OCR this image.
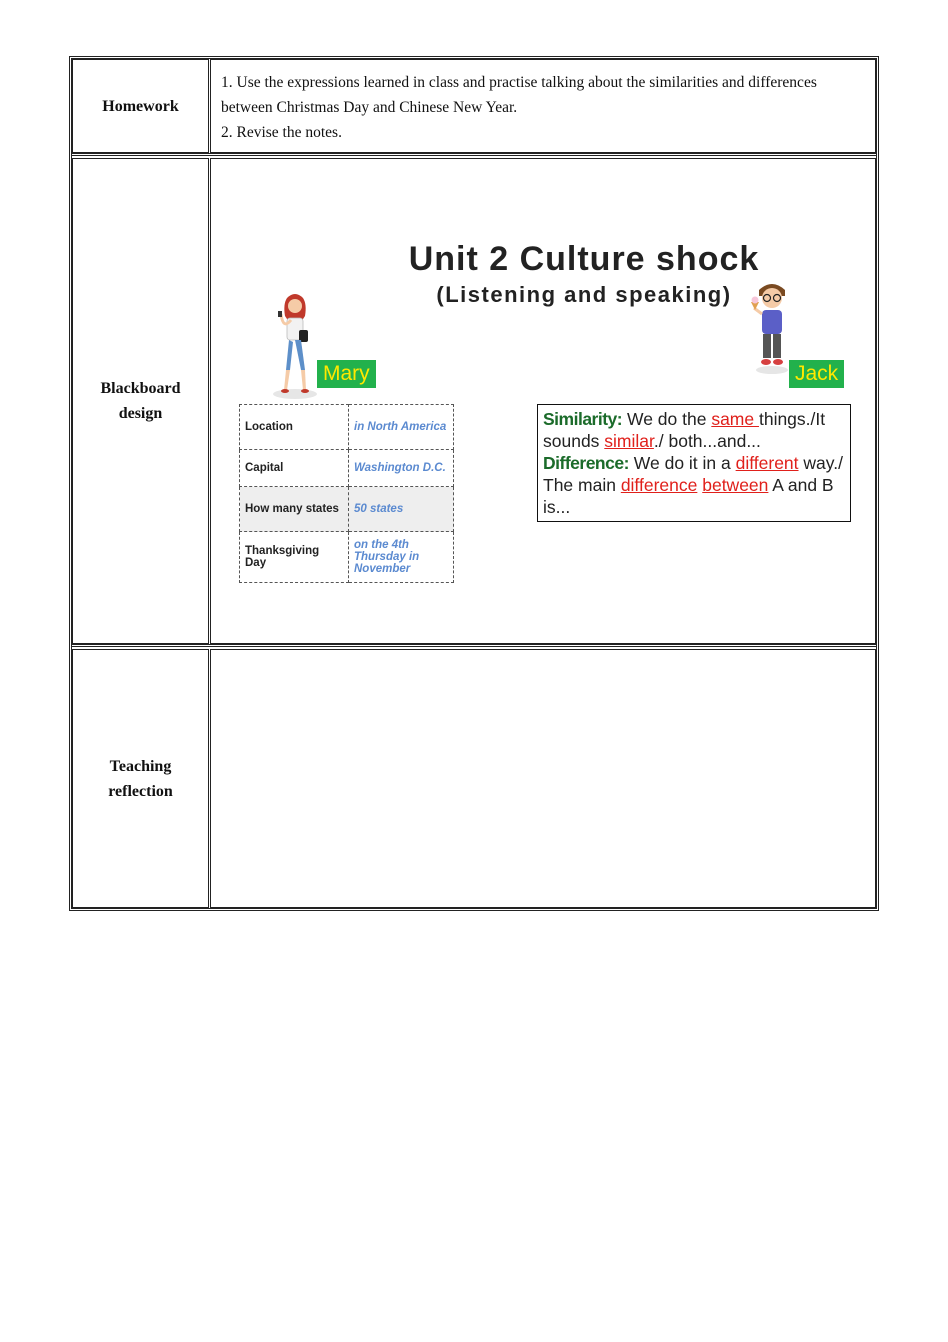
Homework

1. Use the expressions learned in class and practise talking about the similarities and differences between Christmas Day and Chinese New Year.

2. Revise the notes.

Blackboard design
Unit 2 Culture shock
(Listening and speaking)
Mary	Jack
Location	in North America
Capital	Washington D.C.
How many states	50 states
Thanksgiving Day	on the 4th Thursday in November
Similarity: We do the same things./It sounds similar./ both...and...
Difference: We do it in a different way./ The main difference between A and B is...
Teaching reflection
